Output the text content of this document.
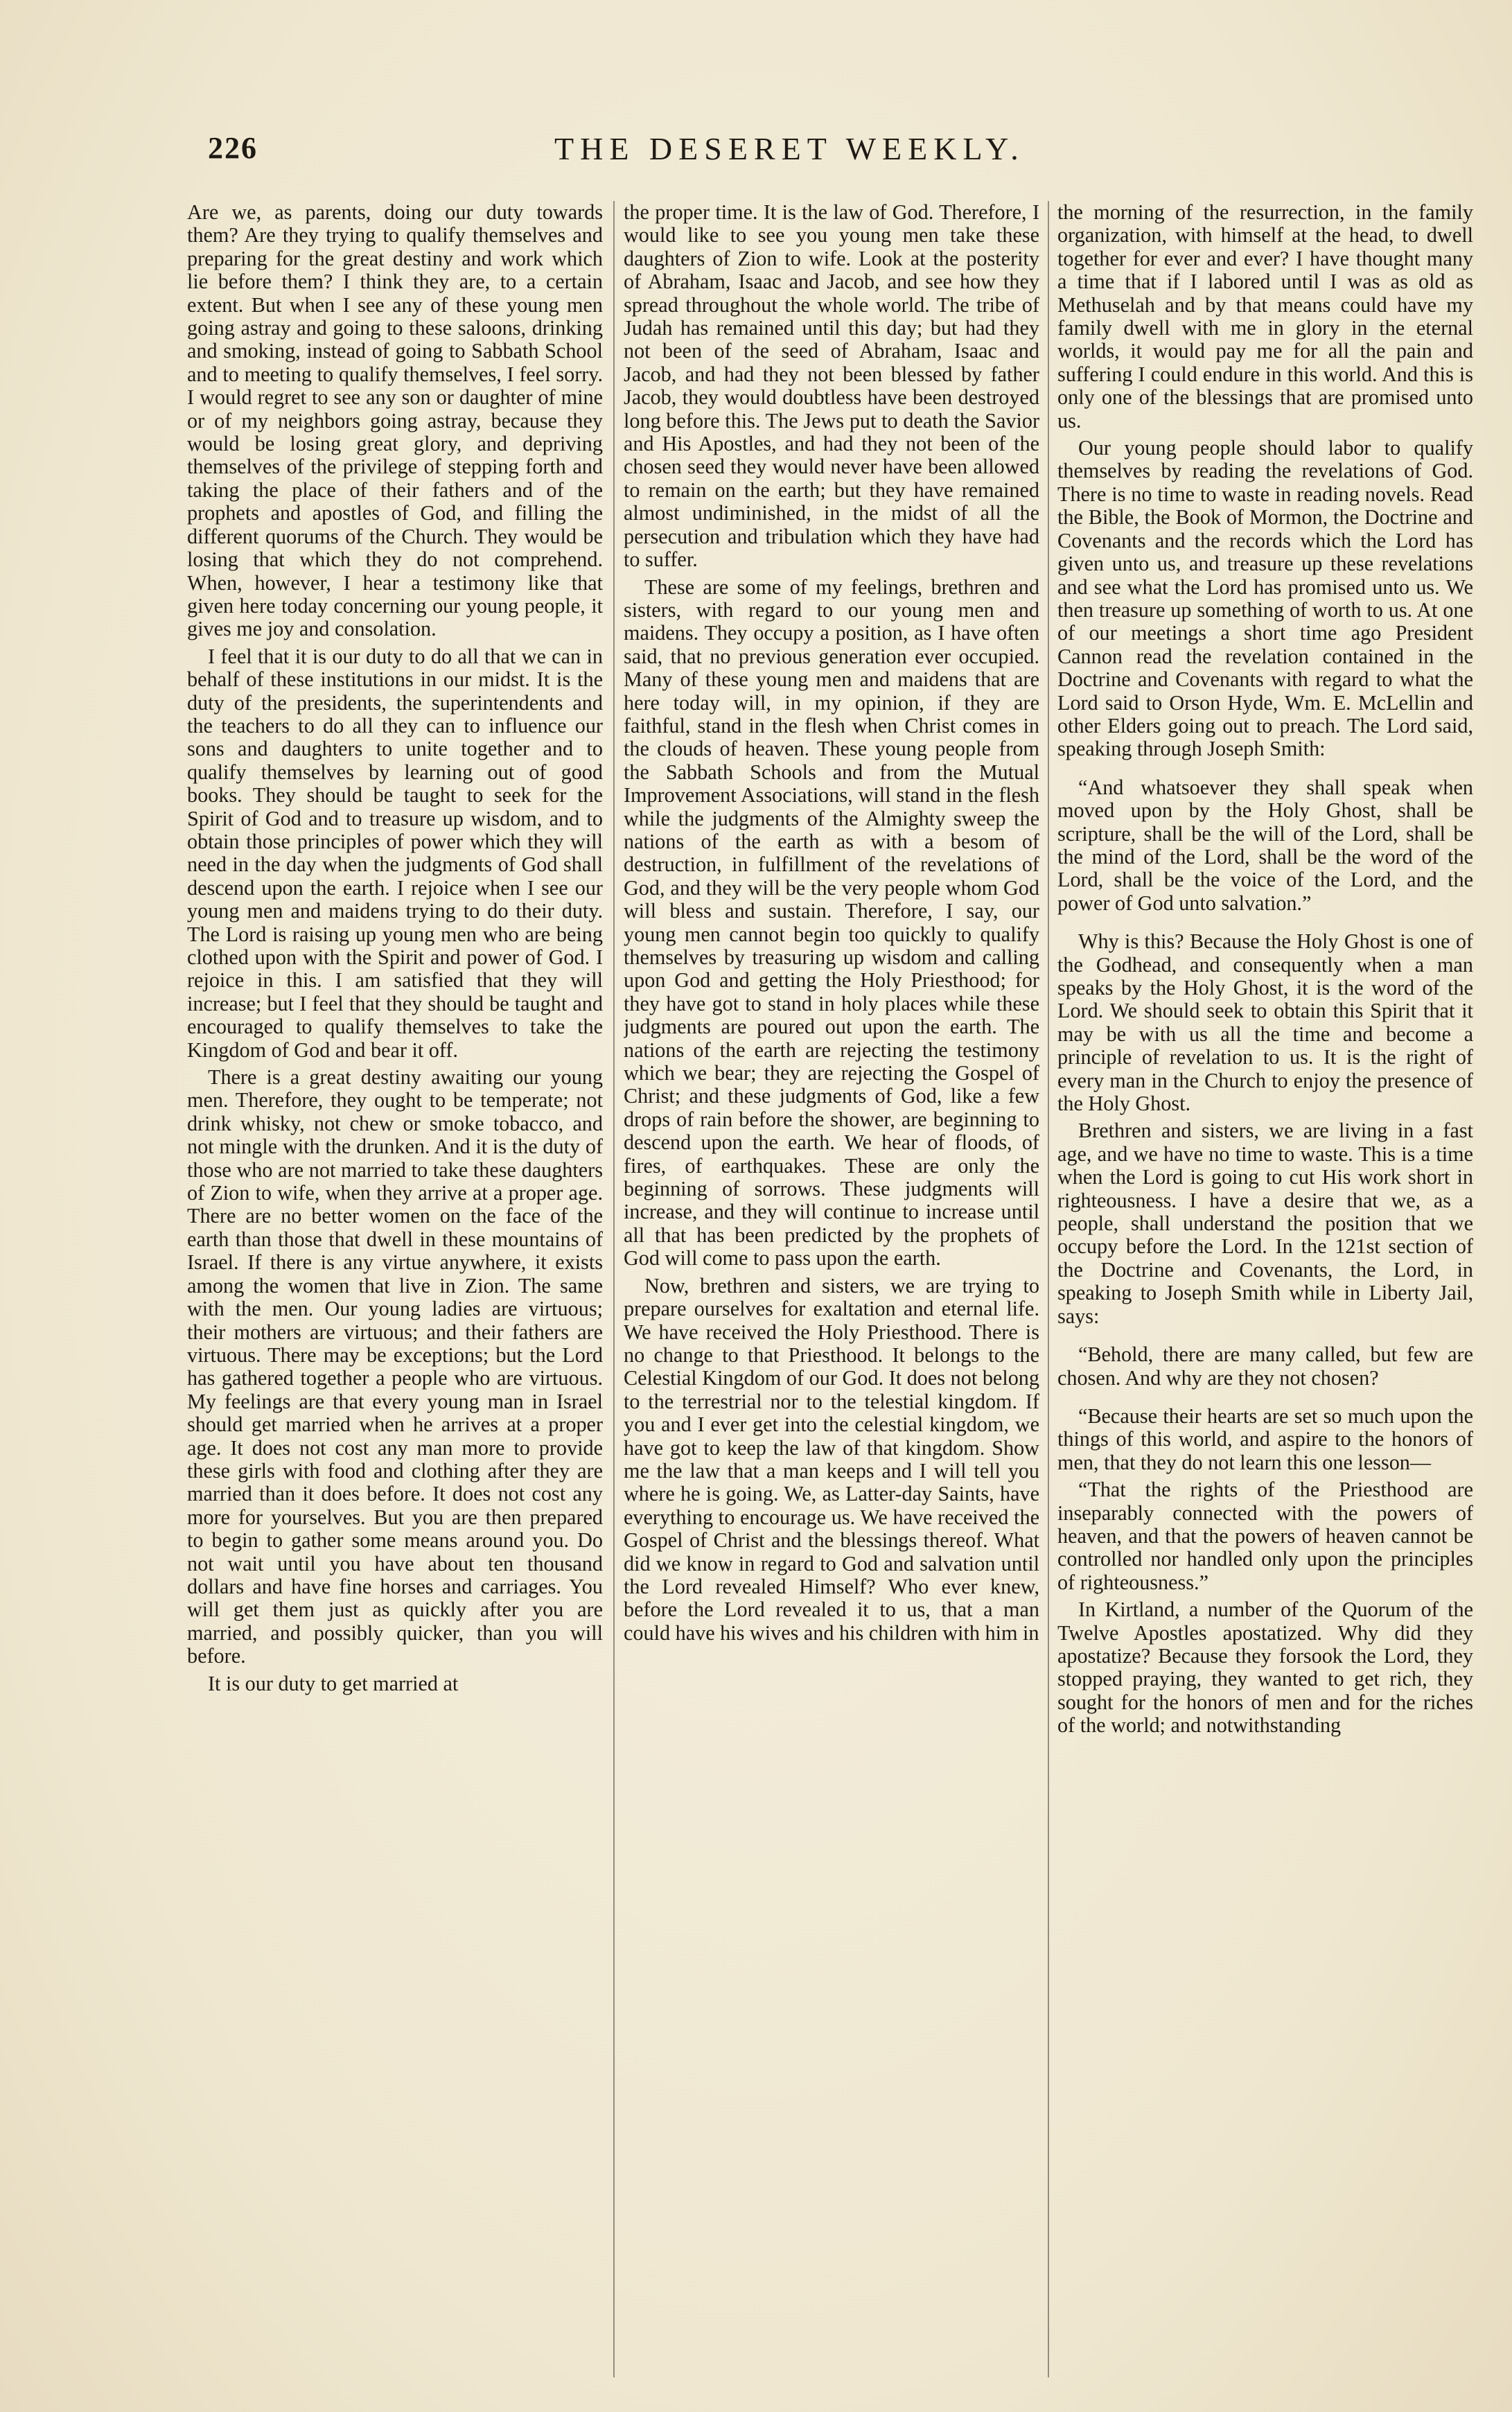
226	THE DESERET WEEKLY.

Are we, as parents, doing our duty towards them? Are they trying to qualify themselves and preparing for the great destiny and work which lie before them? I think they are, to a certain extent. But when I see any of these young men going astray and going to these saloons, drinking and smoking, instead of going to Sabbath School and to meeting to qualify themselves, I feel sorry. I would regret to see any son or daughter of mine or of my neighbors going astray, because they would be losing great glory, and depriving themselves of the privilege of stepping forth and taking the place of their fathers and of the prophets and apostles of God, and filling the different quorums of the Church. They would be losing that which they do not comprehend. When, however, I hear a testimony like that given here today concerning our young people, it gives me joy and consolation.

I feel that it is our duty to do all that we can in behalf of these institutions in our midst. It is the duty of the presidents, the superintendents and the teachers to do all they can to influence our sons and daughters to unite together and to qualify themselves by learning out of good books. They should be taught to seek for the Spirit of God and to treasure up wisdom, and to obtain those principles of power which they will need in the day when the judgments of God shall descend upon the earth. I rejoice when I see our young men and maidens trying to do their duty. The Lord is raising up young men who are being clothed upon with the Spirit and power of God. I rejoice in this. I am satisfied that they will increase; but I feel that they should be taught and encouraged to qualify themselves to take the Kingdom of God and bear it off.

There is a great destiny awaiting our young men. Therefore, they ought to be temperate; not drink whisky, not chew or smoke tobacco, and not mingle with the drunken. And it is the duty of those who are not married to take these daughters of Zion to wife, when they arrive at a proper age. There are no better women on the face of the earth than those that dwell in these mountains of Israel. If there is any virtue anywhere, it exists among the women that live in Zion. The same with the men. Our young ladies are virtuous; their mothers are virtuous; and their fathers are virtuous. There may be exceptions; but the Lord has gathered together a people who are virtuous. My feelings are that every young man in Israel should get married when he arrives at a proper age. It does not cost any man more to provide these girls with food and clothing after they are married than it does before. It does not cost any more for yourselves. But you are then prepared to begin to gather some means around you. Do not wait until you have about ten thousand dollars and have fine horses and carriages. You will get them just as quickly after you are married, and possibly quicker, than you will before.

It is our duty to get married at

the proper time. It is the law of God. Therefore, I would like to see you young men take these daughters of Zion to wife. Look at the posterity of Abraham, Isaac and Jacob, and see how they spread throughout the whole world. The tribe of Judah has remained until this day; but had they not been of the seed of Abraham, Isaac and Jacob, and had they not been blessed by father Jacob, they would doubtless have been destroyed long before this. The Jews put to death the Savior and His Apostles, and had they not been of the chosen seed they would never have been allowed to remain on the earth; but they have remained almost undiminished, in the midst of all the persecution and tribulation which they have had to suffer.

These are some of my feelings, brethren and sisters, with regard to our young men and maidens. They occupy a position, as I have often said, that no previous generation ever occupied. Many of these young men and maidens that are here today will, in my opinion, if they are faithful, stand in the flesh when Christ comes in the clouds of heaven. These young people from the Sabbath Schools and from the Mutual Improvement Associations, will stand in the flesh while the judgments of the Almighty sweep the nations of the earth as with a besom of destruction, in fulfillment of the revelations of God, and they will be the very people whom God will bless and sustain. Therefore, I say, our young men cannot begin too quickly to qualify themselves by treasuring up wisdom and calling upon God and getting the Holy Priesthood; for they have got to stand in holy places while these judgments are poured out upon the earth. The nations of the earth are rejecting the testimony which we bear; they are rejecting the Gospel of Christ; and these judgments of God, like a few drops of rain before the shower, are beginning to descend upon the earth. We hear of floods, of fires, of earthquakes. These are only the beginning of sorrows. These judgments will increase, and they will continue to increase until all that has been predicted by the prophets of God will come to pass upon the earth.

Now, brethren and sisters, we are trying to prepare ourselves for exaltation and eternal life. We have received the Holy Priesthood. There is no change to that Priesthood. It belongs to the Celestial Kingdom of our God. It does not belong to the terrestrial nor to the telestial kingdom. If you and I ever get into the celestial kingdom, we have got to keep the law of that kingdom. Show me the law that a man keeps and I will tell you where he is going. We, as Latter-day Saints, have everything to encourage us. We have received the Gospel of Christ and the blessings thereof. What did we know in regard to God and salvation until the Lord revealed Himself? Who ever knew, before the Lord revealed it to us, that a man could have his wives and his children with him in

the morning of the resurrection, in the family organization, with himself at the head, to dwell together for ever and ever? I have thought many a time that if I labored until I was as old as Methuselah and by that means could have my family dwell with me in glory in the eternal worlds, it would pay me for all the pain and suffering I could endure in this world. And this is only one of the blessings that are promised unto us.

Our young people should labor to qualify themselves by reading the revelations of God. There is no time to waste in reading novels. Read the Bible, the Book of Mormon, the Doctrine and Covenants and the records which the Lord has given unto us, and treasure up these revelations and see what the Lord has promised unto us. We then treasure up something of worth to us. At one of our meetings a short time ago President Cannon read the revelation contained in the Doctrine and Covenants with regard to what the Lord said to Orson Hyde, Wm. E. McLellin and other Elders going out to preach. The Lord said, speaking through Joseph Smith:

“And whatsoever they shall speak when moved upon by the Holy Ghost, shall be scripture, shall be the will of the Lord, shall be the mind of the Lord, shall be the word of the Lord, shall be the voice of the Lord, and the power of God unto salvation.”

Why is this? Because the Holy Ghost is one of the Godhead, and consequently when a man speaks by the Holy Ghost, it is the word of the Lord. We should seek to obtain this Spirit that it may be with us all the time and become a principle of revelation to us. It is the right of every man in the Church to enjoy the presence of the Holy Ghost.

Brethren and sisters, we are living in a fast age, and we have no time to waste. This is a time when the Lord is going to cut His work short in righteousness. I have a desire that we, as a people, shall understand the position that we occupy before the Lord. In the 121st section of the Doctrine and Covenants, the Lord, in speaking to Joseph Smith while in Liberty Jail, says:

“Behold, there are many called, but few are chosen. And why are they not chosen?

“Because their hearts are set so much upon the things of this world, and aspire to the honors of men, that they do not learn this one lesson—

“That the rights of the Priesthood are inseparably connected with the powers of heaven, and that the powers of heaven cannot be controlled nor handled only upon the principles of righteousness.”

In Kirtland, a number of the Quorum of the Twelve Apostles apostatized. Why did they apostatize? Because they forsook the Lord, they stopped praying, they wanted to get rich, they sought for the honors of men and for the riches of the world; and notwithstanding
